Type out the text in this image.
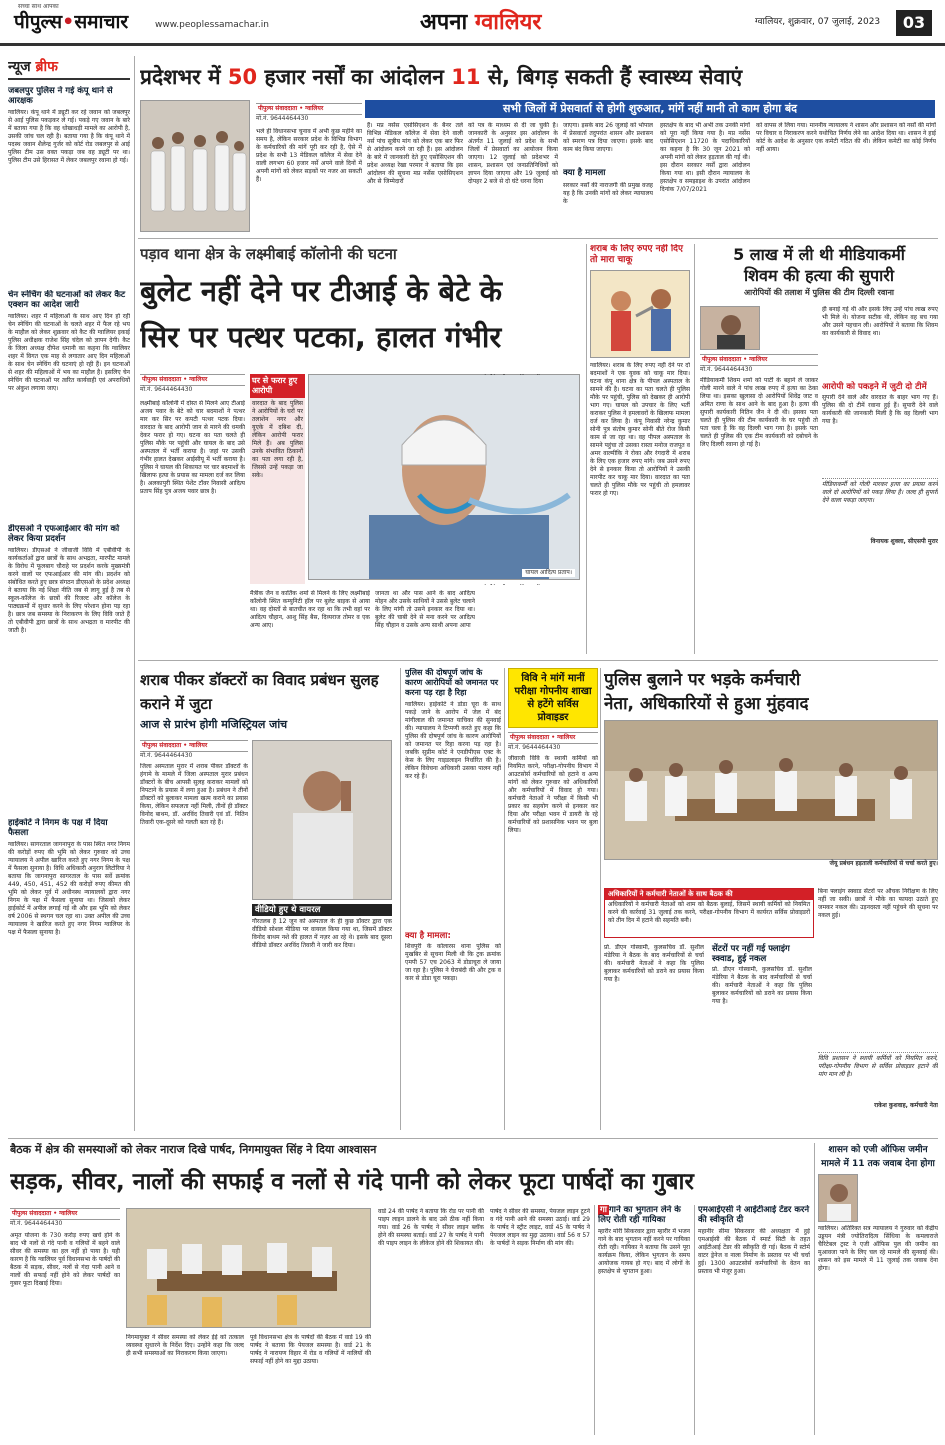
सच्चा साथ आपका
पीपुल्स•समाचार	www.peoplessamachar.in	अपना ग्वालियर	ग्वालियर, शुक्रवार, 07 जुलाई, 2023	03
न्यूज ब्रीफ
जबलपुर पुलिस ने गई कंपू थाने से आरक्षक
ग्वालियर। कंपू थाने में ड्यूटी कर रहे जवान को जबलपुर से आई पुलिस पकड़कर ले गई। पकड़े गए जवान के बारे में बताया गया है कि वह धोखाधड़ी मामले का आरोपी है, उसकी जांच चल रही है। बताया गया है कि कंपू थाने में पदस्थ जवान शैलेन्द्र गुर्जर को कोर्ट रोड जबलपुर से आई पुलिस टीम उस वक्त पकड़ा जब वह ड्यूटी पर था। पुलिस टीम उसे हिरासत में लेकर जबलपुर रवाना हो गई।
चेन स्नेचिंग की घटनाओं को लेकर कैट एक्शन का आदेश जारी
ग्वालियर। शहर में महिलाओं के साथ आए दिन हो रही चेन स्नेचिंग की घटनाओं के चलते शहर में फैल रहे भय के माहौल को लेकर शुक्रवार को कैट की ग्वालियर इकाई पुलिस अधीक्षक राजेश सिंह चंदेल को ज्ञापन देगी। कैट के जिला अध्यक्ष दीपेश धमानी का कहना कि ग्वालियर शहर में विगत एक माह से लगातार आए दिन महिलाओं के साथ चेन स्नेचिंग की घटनाएं हो रही हैं। इन घटनाओं से शहर की महिलाओं में भय का माहौल है। इसलिए चेन स्नेचिंग की घटनाओं पर त्वरित कार्यवाही एवं अपराधियों पर अंकुश लगाया जाए।
डीएसओ ने एफआईआर की मांग को लेकर किया प्रदर्शन
ग्वालियर। डीएसओ ने जीवाजी विवि में एबीवीपी के कार्यकर्ताओं द्वारा छात्रों के साथ अभद्रता, मारपीट मामले के विरोध में फूलबाग चौराहे पर प्रदर्शन करके मुख्यमंत्री करने वालों पर एफआईआर की मांग की। प्रदर्शन को संबोधित करते हुए छात्र संगठन डीएसओ के प्रदेश अध्यक्ष ने बताया कि नई शिक्षा नीति जब से लागू हुई है तब से स्कूल-कॉलेज के छात्रों की रिजल्ट और कॉलेज के पाठ्यक्रमों में सुधार करने के लिए परेशान होना पड़ रहा है। छात्र जब समस्या के निराकरण के लिए विवि जाते हैं तो एबीवीपी द्वारा छात्रों के साथ अभद्रता व मारपीट की जाती है।
हाईकोर्ट ने निगम के पक्ष में दिया फैसला
ग्वालियर। सागरताल जागनापुरा के पास स्थित नगर निगम की करोड़ों रुपए की भूमि को लेकर गुरुवार को उच्च न्यायालय ने अपील खारिज करते हुए नगर निगम के पक्ष में फैसला सुनाया है। विधि अधिकारी अनुराग लिटोरिया ने बताया कि जागनापुरा सागरताल के पास सर्वे क्रमांक 449, 450, 451, 452 की करोड़ों रुपए कीमत की भूमि को लेकर पूर्व में अधीनस्थ न्यायालयों द्वारा नगर निगम के पक्ष में फैसला सुनाया था। जिसको लेकर हाईकोर्ट में अपील लगाई गई थी और इस भूमि को लेकर वर्ष 2006 से स्थगन चल रहा था। उक्त अपील की उच्च न्यायालय ने खारिज करते हुए नगर निगम ग्वालियर के पक्ष में फैसला सुनाया है।
प्रदेशभर में 50 हजार नर्सों का आंदोलन 11 से, बिगड़ सकती हैं स्वास्थ्य सेवाएं
सभी जिलों में प्रेसवार्ता से होगी शुरुआत, मांगें नहीं मानी तो काम होगा बंद
पीपुल्स संवाददाता • ग्वालियर
मो.नं. 9644464430
भले ही विधानसभा चुनाव में अभी कुछ महीने का समय है, लेकिन सरकार प्रदेश के विभिन्न विभाग के कर्मचारियों की मांगें पूरी कर रही है, ऐसे में प्रदेश के सभी 13 मेडिकल कॉलेज में सेवा देने वाली लगभग 60 हजार नर्से अपने वाले दिनों में अपनी मांगों को लेकर सड़कों पर नजर आ सकती हैं।
हैं। मप्र नर्सेस एसोसिएशन के बैनर तले विभिन्न मेडिकल कॉलेज में सेवा देने वाली नर्स पांच सूत्रीय मांग को लेकर एक बार फिर से आंदोलन करने जा रही हैं। इस आंदोलन के बारे में जानकारी देते हुए एसोसिएशन की प्रदेश अध्यक्ष रेखा परमार ने बताया कि इस आंदोलन की सूचना मप्र नर्सेस एसोसिएशन और से जिम्मेदारों
को पत्र के माध्यम से दी जा चुकी है। जानकारी के अनुसार इस आंदोलन के अंतर्गत 11 जुलाई को प्रदेश के सभी जिलों में प्रेसवार्ता का आयोजन किया जाएगा। 12 जुलाई को प्रदेशभर में शासन, प्रशासन एवं जनप्रतिनिधियों को ज्ञापन दिया जाएगा और 19 जुलाई को दोपहर 2 बजे से दो घंटे धरना दिया
जाएगा। इसके बाद 26 जुलाई को भोपाल में प्रेसवार्ता तदुपरांत शासन और प्रशासन को स्मरण पत्र दिया जाएगा। इसके बाद काम बंद किया जाएगा।
क्या है मामला
सरकार नर्सों की नाराजगी की प्रमुख वजह यह है कि उनकी मांगों को लेकर न्यायालय के
हस्तक्षेप के बाद भी अभी तक उनकी मांगों को पूरा नहीं किया गया है। मप्र नर्सेस एसोसिएशन 11720 के पदाधिकारियों का कहना है कि 30 जून 2021 को अपनी मांगों को लेकर हड़ताल की गई थी। इस दौरान सरकार नर्सों द्वारा आंदोलन किया गया था। इसी दौरान न्यायालय के हस्तक्षेप व समझाइश के उपरांत आंदोलन दिनांक 7/07/2021
को वापस ले लिया गया। माननीय न्यायालय ने शासन और प्रशासन को नर्सों की मांगों पर विचार व निराकरण करने यथोचित निर्णय लेने का आदेश दिया था। शासन ने हाई कोर्ट के आदेश के अनुसार एक कमेटी गठित की थी। लेकिन कमेटी का कोई निर्णय नहीं आया।
पड़ाव थाना क्षेत्र के लक्ष्मीबाई कॉलोनी की घटना
बुलेट नहीं देने पर टीआई के बेटे के
सिर पर पत्थर पटका, हालत गंभीर
पीपुल्स संवाददाता • ग्वालियर
मो.नं. 9644464430
लक्ष्मीबाई कॉलोनी में दोस्त से मिलने आए टीआई अजय पवार के बेटे को चार बदमाशों ने पत्थर मार कर सिर पर कपटी पत्थर पटक दिया। वारदात के बाद आरोपी जान से मारने की धमकी देकर फरार हो गए। घटना का पता चलते ही पुलिस मौके पर पहुंची और घायल के बाद उसे अस्पताल में भर्ती कराया है। जहां पर उसकी गंभीर हालत देखकर आईसीयू में भर्ती कराया है। पुलिस ने घायल की शिकायत पर चार बदमाशों के खिलाफ हत्या के प्रयास का मामला दर्ज कर लिया है। अलकापुरी स्थित पेशेंट टॉवर निवासी आदित्य प्रताप सिंह पुत्र अजय पवार छात्र है।
घर से फरार हुए आरोपी
वारदात के बाद पुलिस ने आरोपियों के घरों पर तलाशेन नगर और यूएके में दबिश दी, लेकिन आरोपी फरार मिले हैं। अब पुलिस उनके संभावित ठिकानों का पता लगा रही है, जिससे उन्हें पकड़ा जा सके।
घायल आदित्य प्रताप।
मैत्रीक जैन व कार्तिक शर्मा से मिलने के लिए लक्ष्मीबाई कॉलोनी स्थित कम्युनिटी हॉल पर बुलेट बाइक से आया था। वह दोस्तों से बातचीत कर रहा था कि तभी वहां पर आदित्य चौहान, आशु सिंह बैस, दिव्यराज तोमर व एक अन्य आए।
जानता था और पास आने के बाद आदित्य मोहन और उसके साथियों ने उससे बुलेट चलाने के लिए मांगी तो उसने इनकार कर दिया था। बुलेट की चाबी देने से मना करने पर आदित्य सिंह चौहान व उसके अन्य साथी अपना आपा
शराब के लिए रुपए नहीं दिए तो मारा चाकू
ग्वालियर। शराब के लिए रुपए नहीं देने पर दो बदमाशों ने एक युवक को चाकू मार दिया। घटना कंपू थाना क्षेत्र के पीपल अस्पताल के सामने की है। घटना का पता चलते ही पुलिस मौके पर पहुंची, पुलिस को देखकर ही आरोपी भाग गए। घायल को उपचार के लिए भर्ती कराकर पुलिस ने हमलावरों के खिलाफ मामला दर्ज कर लिया है। कंपू निवासी नरेन्द्र कुमार सोनी पुत्र संतोष कुमार सोनी बीते रोज किसी काम से जा रहा था। वह पीपल अस्पताल के सामने पहुंचा तो उसका रास्ता मनोज राजपूत व अमर वाल्मीकि ने रोका और रंगदारी में शराब के लिए एक हजार रुपए मांगे। जब उसने रुपए देने से इनकार किया तो आरोपियों ने उसकी मारपीट कर चाकू मार दिया। वारदात का पता चलते ही पुलिस मौके पर पहुंची तो हमलावर फरार हो गए।
5 लाख में ली थी मीडियाकर्मी
शिवम की हत्या की सुपारी
आरोपियों की तलाश में पुलिस की टीम दिल्ली रवाना
पीपुल्स संवाददाता • ग्वालियर
मो.नं. 9644464430
मीडियाकर्मी शिवम शर्मा को पार्टी के बहाने ले जाकर गोली मारने वाले ने पांच लाख रुपए में हत्या का ठेका लिया था। इसका खुलासा दो आरोपियों शिवेंद्र जाट व अमित राणा के साथ आने के बाद हुआ है। हत्या की सुपारी कार्यकारी नितिन जैन ने दी थी। इसका पता चलते ही पुलिस की टीम कार्यकारी के घर पहुंची तो पता चला है कि वह दिल्ली भाग गया है। इसके पता चलते ही पुलिस की एक टीम कार्यकारी को दबोचने के लिए दिल्ली रवाना हो गई है।
ही बनाई गई थी और इसके लिए उन्हें पांच लाख रुपए भी मिले थे। योजना सटीक थी, लेकिन वह बच गया और उसने पहचान ली। आरोपियों ने बताया कि शिवम का कार्यकारी से विवाद था।
आरोपी को पकड़ने में जुटी दो टीमें
सुपारी देने वाले और वारदात के बाहर भाग गए हैं। पुलिस की दो टीमें रवाना हुई हैं। सुपारी देने वाले कार्यकारी की जानकारी मिली है कि वह दिल्ली भाग गया है।
मीडियाकर्मी को गोली मारकर हत्या का प्रयास करने वाले दो आरोपियों को पकड़ लिया है। जल्द ही सुपारी देने वाला पकड़ा जाएगा।
विनायक शुक्ला, सीएसपी मुरार
शराब पीकर डॉक्टरों का विवाद प्रबंधन सुलह कराने में जुटा
आज से प्रारंभ होगी मजिस्ट्रियल जांच
पीपुल्स संवाददाता • ग्वालियर
मो.नं. 9644464430
जिला अस्पताल मुरार में शराब पीकर डॉक्टरों के हंगामे के मामले में जिला अस्पताल मुरार प्रबंधन डॉक्टरों के बीच आपसी सुलह कराकर मामलों को निपटाने के प्रयास में लगा हुआ है। प्रबंधन ने तीनों डॉक्टरों को बुलाकर मामला खत्म कराने का प्रयास किया, लेकिन सफलता नहीं मिली, तीनों ही डॉक्टर विनोद बाथम, डॉ. अरविंद तिवारी एवं डॉ. नितिन तिवारी एक-दूसरे को गलती बता रहे हैं।
वीडियो हुए थे वायरल
गौरतलब है 12 जून को अस्पताल के ही कुछ डॉक्टर द्वारा एक वीडियो सोशल मीडिया पर वायरल किया गया था, जिसमें डॉक्टर विनोद बाथम नशे की हालत में नज़र आ रहे थे। इसके बाद दूसरा वीडियो डॉक्टर अरविंद तिवारी ने जारी कर दिया।
पुलिस की दोषपूर्ण जांच के कारण आरोपियों को जमानत पर करना पड़ रहा है रिहा
ग्वालियर। हाईकोर्ट ने डोडा चूरा के साथ पकड़े जाने के आरोप में जेल में बंद मांगीलाल की जमानत याचिका की सुनवाई की। न्यायालय ने टिप्पणी करते हुए कहा कि पुलिस की दोषपूर्ण जांच के कारण आरोपियों को जमानत पर रिहा करना पड़ रहा है। जबकि सुप्रीम कोर्ट ने एनडीपीएस एक्ट के केस के लिए गाइडलाइन निर्धारित की है। लेकिन विवेचना अधिकारी उसका पालन नहीं कर रहे हैं।
क्या है मामला:
शिवपुरी के कोलारस थाना पुलिस को मुखबिर से सूचना मिली थी कि ट्रक क्रमांक एमपी 57 एच 2063 में डोडाचूरा ले जाया जा रहा है। पुलिस ने घेराबंदी की और ट्रक व कार से डोडा चूरा पकड़ा।
विवि ने मांगें मानीं परीक्षा गोपनीय शाखा से हटेंगे सर्विस प्रोवाइडर
पीपुल्स संवाददाता • ग्वालियर
मो.नं. 9644464430
जीवाजी विवि के स्थायी कर्मियों को नियमित करने, परीक्षा-गोपनीय विभाग में आउटसोर्स कर्मचारियों को हटाने व अन्य मांगों को लेकर गुरुवार को अधिकारियों और कर्मचारियों में विवाद हो गया। कर्मचारी नेताओं ने परीक्षा में किसी भी प्रकार का सहयोग करने से इनकार कर दिया और परीक्षा भवन में डायरी के रहे कर्मचारियों को प्रशासनिक भवन पर बुला लिया।
पुलिस बुलाने पर भड़के कर्मचारी
नेता, अधिकारियों से हुआ मुंहवाद
जेयू प्रबंधन हड़ताली कर्मचारियों से चर्चा करते हुए।
अधिकारियों ने कर्मचारी नेताओं के साथ बैठक की
अधिकारियों ने कर्मचारी नेताओं को शाम को बैठक बुलाई, जिसमें स्थायी कर्मियों को नियमित करने की कार्रवाई 31 जुलाई तक करने, परीक्षा-गोपनीय विभाग में कार्यरत सर्विस प्रोवाइडरों को तीन दिन में हटाने की सहमति बनी।
प्रो. डीएन गोस्वामी, कुलसचिव डॉ. सुशील मंडेरिया ने बैठक के बाद कर्मचारियों से चर्चा की। कर्मचारी नेताओं ने कहा कि पुलिस बुलाकर कर्मचारियों को डराने का प्रयास किया गया है।
सेंटरों पर नहीं गई फ्लाइंग स्क्वाड, हुई नकल
प्रो. डीएन गोस्वामी, कुलसचिव डॉ. सुशील मंडेरिया ने बैठक के बाद कर्मचारियों से चर्चा की। कर्मचारी नेताओं ने कहा कि पुलिस बुलाकर कर्मचारियों को डराने का प्रयास किया गया है।
बिना फ्लाइंग स्क्वाड सेंटरों पर औचक निरीक्षण के लिए नहीं जा सकी। छात्रों ने मौके का फायदा उठाते हुए जमकर नकल की। उड़नदस्ता नहीं पहुंचने की सूचना पर नकल हुई।
विवि प्रशासन ने स्थायी कर्मियों को नियमित करने, परीक्षा-गोपनीय विभाग से सर्विस प्रोवाइडर हटाने की मांग मान ली है।
राकेश कुशवाह, कर्मचारी नेता
बैठक में क्षेत्र की समस्याओं को लेकर नाराज दिखे पार्षद, निगमायुक्त सिंह ने दिया आश्वासन
सड़क, सीवर, नालों की सफाई व नलों से गंदे पानी को लेकर फूटा पार्षदों का गुबार
पीपुल्स संवाददाता • ग्वालियर
मो.नं. 9644464430
अमृत योजना के 730 करोड़ रुपए खर्च होने के बाद भी नलों से गंदे पानी व गलियों में बहने वाले सीवर की समस्या का हल नहीं हो पाया है। यही कारण है कि ग्वालियर पूर्व विधानसभा के पार्षदों की बैठक में सड़क, सीवर, नलों से गंदा पानी आने व नालों की सफाई नहीं होने को लेकर पार्षदों का गुबार फूटा दिखाई दिया।
निगमायुक्त ने सीवर समस्या को लेकर ईई को तत्काल व्यवस्था सुधारने के निर्देश दिए। उन्होंने कहा कि जल्द ही सभी समस्याओं का निराकरण किया जाएगा।
पूर्व विधानसभा क्षेत्र के पार्षदों की बैठक में वार्ड 19 की पार्षद ने बताया कि पेयजल समस्या है। वार्ड 21 के पार्षद ने नारायण विहार में रोड व गलियों में नालियों की सफाई नहीं होने का मुद्दा उठाया।
वार्ड 24 की पार्षद ने बताया कि रोड पर पानी की पाइप लाइन डालने के बाद उसे ठीक नहीं किया गया। वार्ड 26 के पार्षद ने सीवर लाइन ब्लॉक होने की समस्या बताई। वार्ड 27 के पार्षद ने पानी की पाइप लाइन के लीकेज होने की शिकायत की।
पार्षद ने सीवर की समस्या, पेयजल लाइन टूटने व गंदे पानी आने की समस्या उठाई। वार्ड 29 के पार्षद ने स्ट्रीट लाइट, वार्ड 45 के पार्षद ने पेयजल लाइन का मुद्दा उठाया। वार्ड 56 व 57 के पार्षदों ने सड़क निर्माण की मांग की।
गा गाने का भुगतान लेने के लिए रोती रही गायिका
म्हारीर मोरी सिकरवार द्वारा म्हारीर में भजन गाने के बाद भुगतान नहीं करने पर गायिका रोती रही। गायिका ने बताया कि उसने पूरा कार्यक्रम किया, लेकिन भुगतान के समय आयोजक गायब हो गए। बाद में लोगों के हस्तक्षेप से भुगतान हुआ।
एमआईएसी ने आईटीआई टेंडर करने की स्वीकृति दी
महानीर सीमा सिकरवार की अध्यक्षता में हुई एमआईसी की बैठक में स्मार्ट सिटी के तहत आईटीआई टेंडर की स्वीकृति दी गई। बैठक में स्टोर्म वाटर ड्रेनेज व नाला निर्माण के प्रस्ताव पर भी चर्चा हुई। 1300 आउटसोर्स कर्मचारियों के वेतन का प्रस्ताव भी मंजूर हुआ।
शासन को एजी ऑफिस जमीन मामले में 11 तक जवाब देना होगा
ग्वालियर। अतिरिक्त सत्र न्यायालय ने गुरुवार को केंद्रीय उड्डयन मंत्री ज्योतिरादित्य सिंधिया के कमलाराजे चैरिटेबल ट्रस्ट ने एजी ऑफिस पुल की जमीन का मुआवजा पाने के लिए चल रहे मामले की सुनवाई की। शासन को इस मामले में 11 जुलाई तक जवाब देना होगा।
